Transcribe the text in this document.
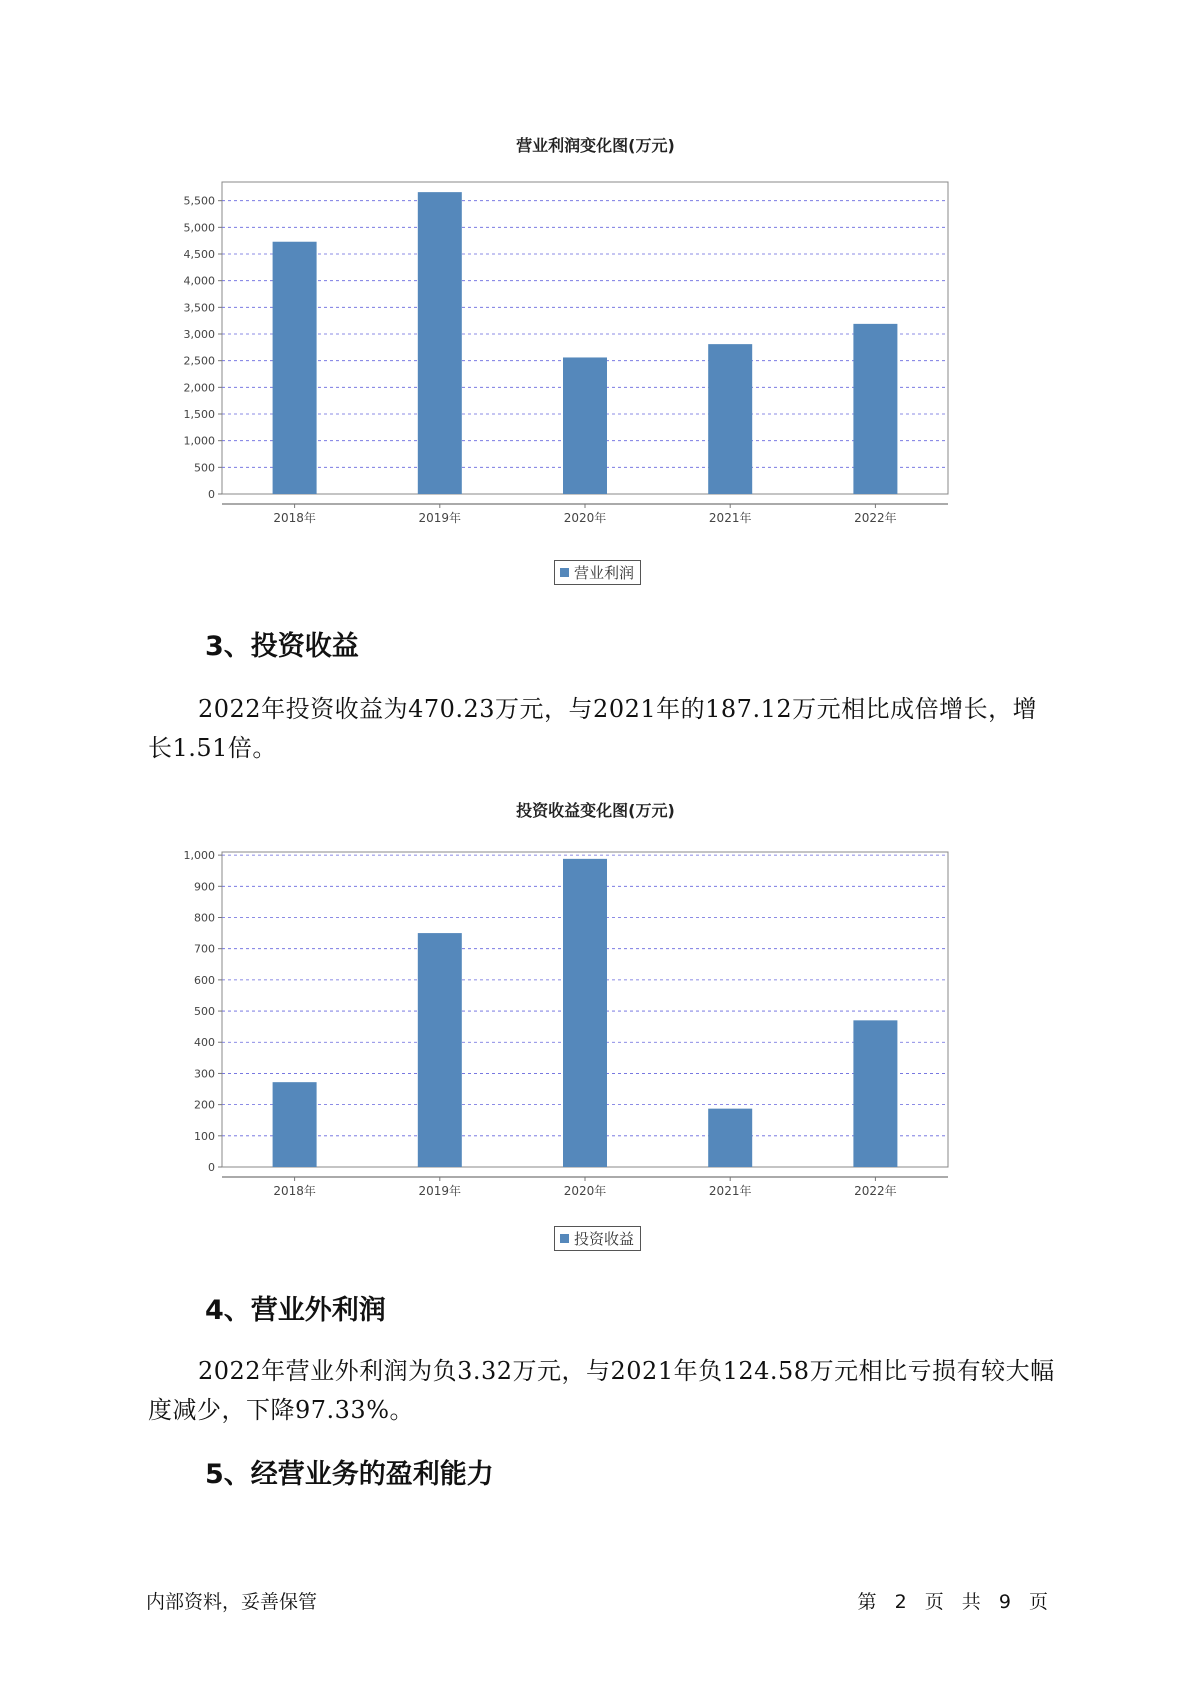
营业利润变化图(万元)
0
500
1,000
1,500
2,000
2,500
3,000
3,500
4,000
4,500
5,000
5,500
2018年	2019年	2020年	2021年	2022年
营业利润
3、投资收益

2022年投资收益为470.23万元，与2021年的187.12万元相比成倍增长，增长1.51倍。

投资收益变化图(万元)
0
100
200
300
400
500
600
700
800
900
1,000
2018年	2019年	2020年	2021年	2022年
投资收益
4、营业外利润

2022年营业外利润为负3.32万元，与2021年负124.58万元相比亏损有较大幅度减少，下降97.33%。

5、经营业务的盈利能力
内部资料，妥善保管	第 2 页 共 9 页
